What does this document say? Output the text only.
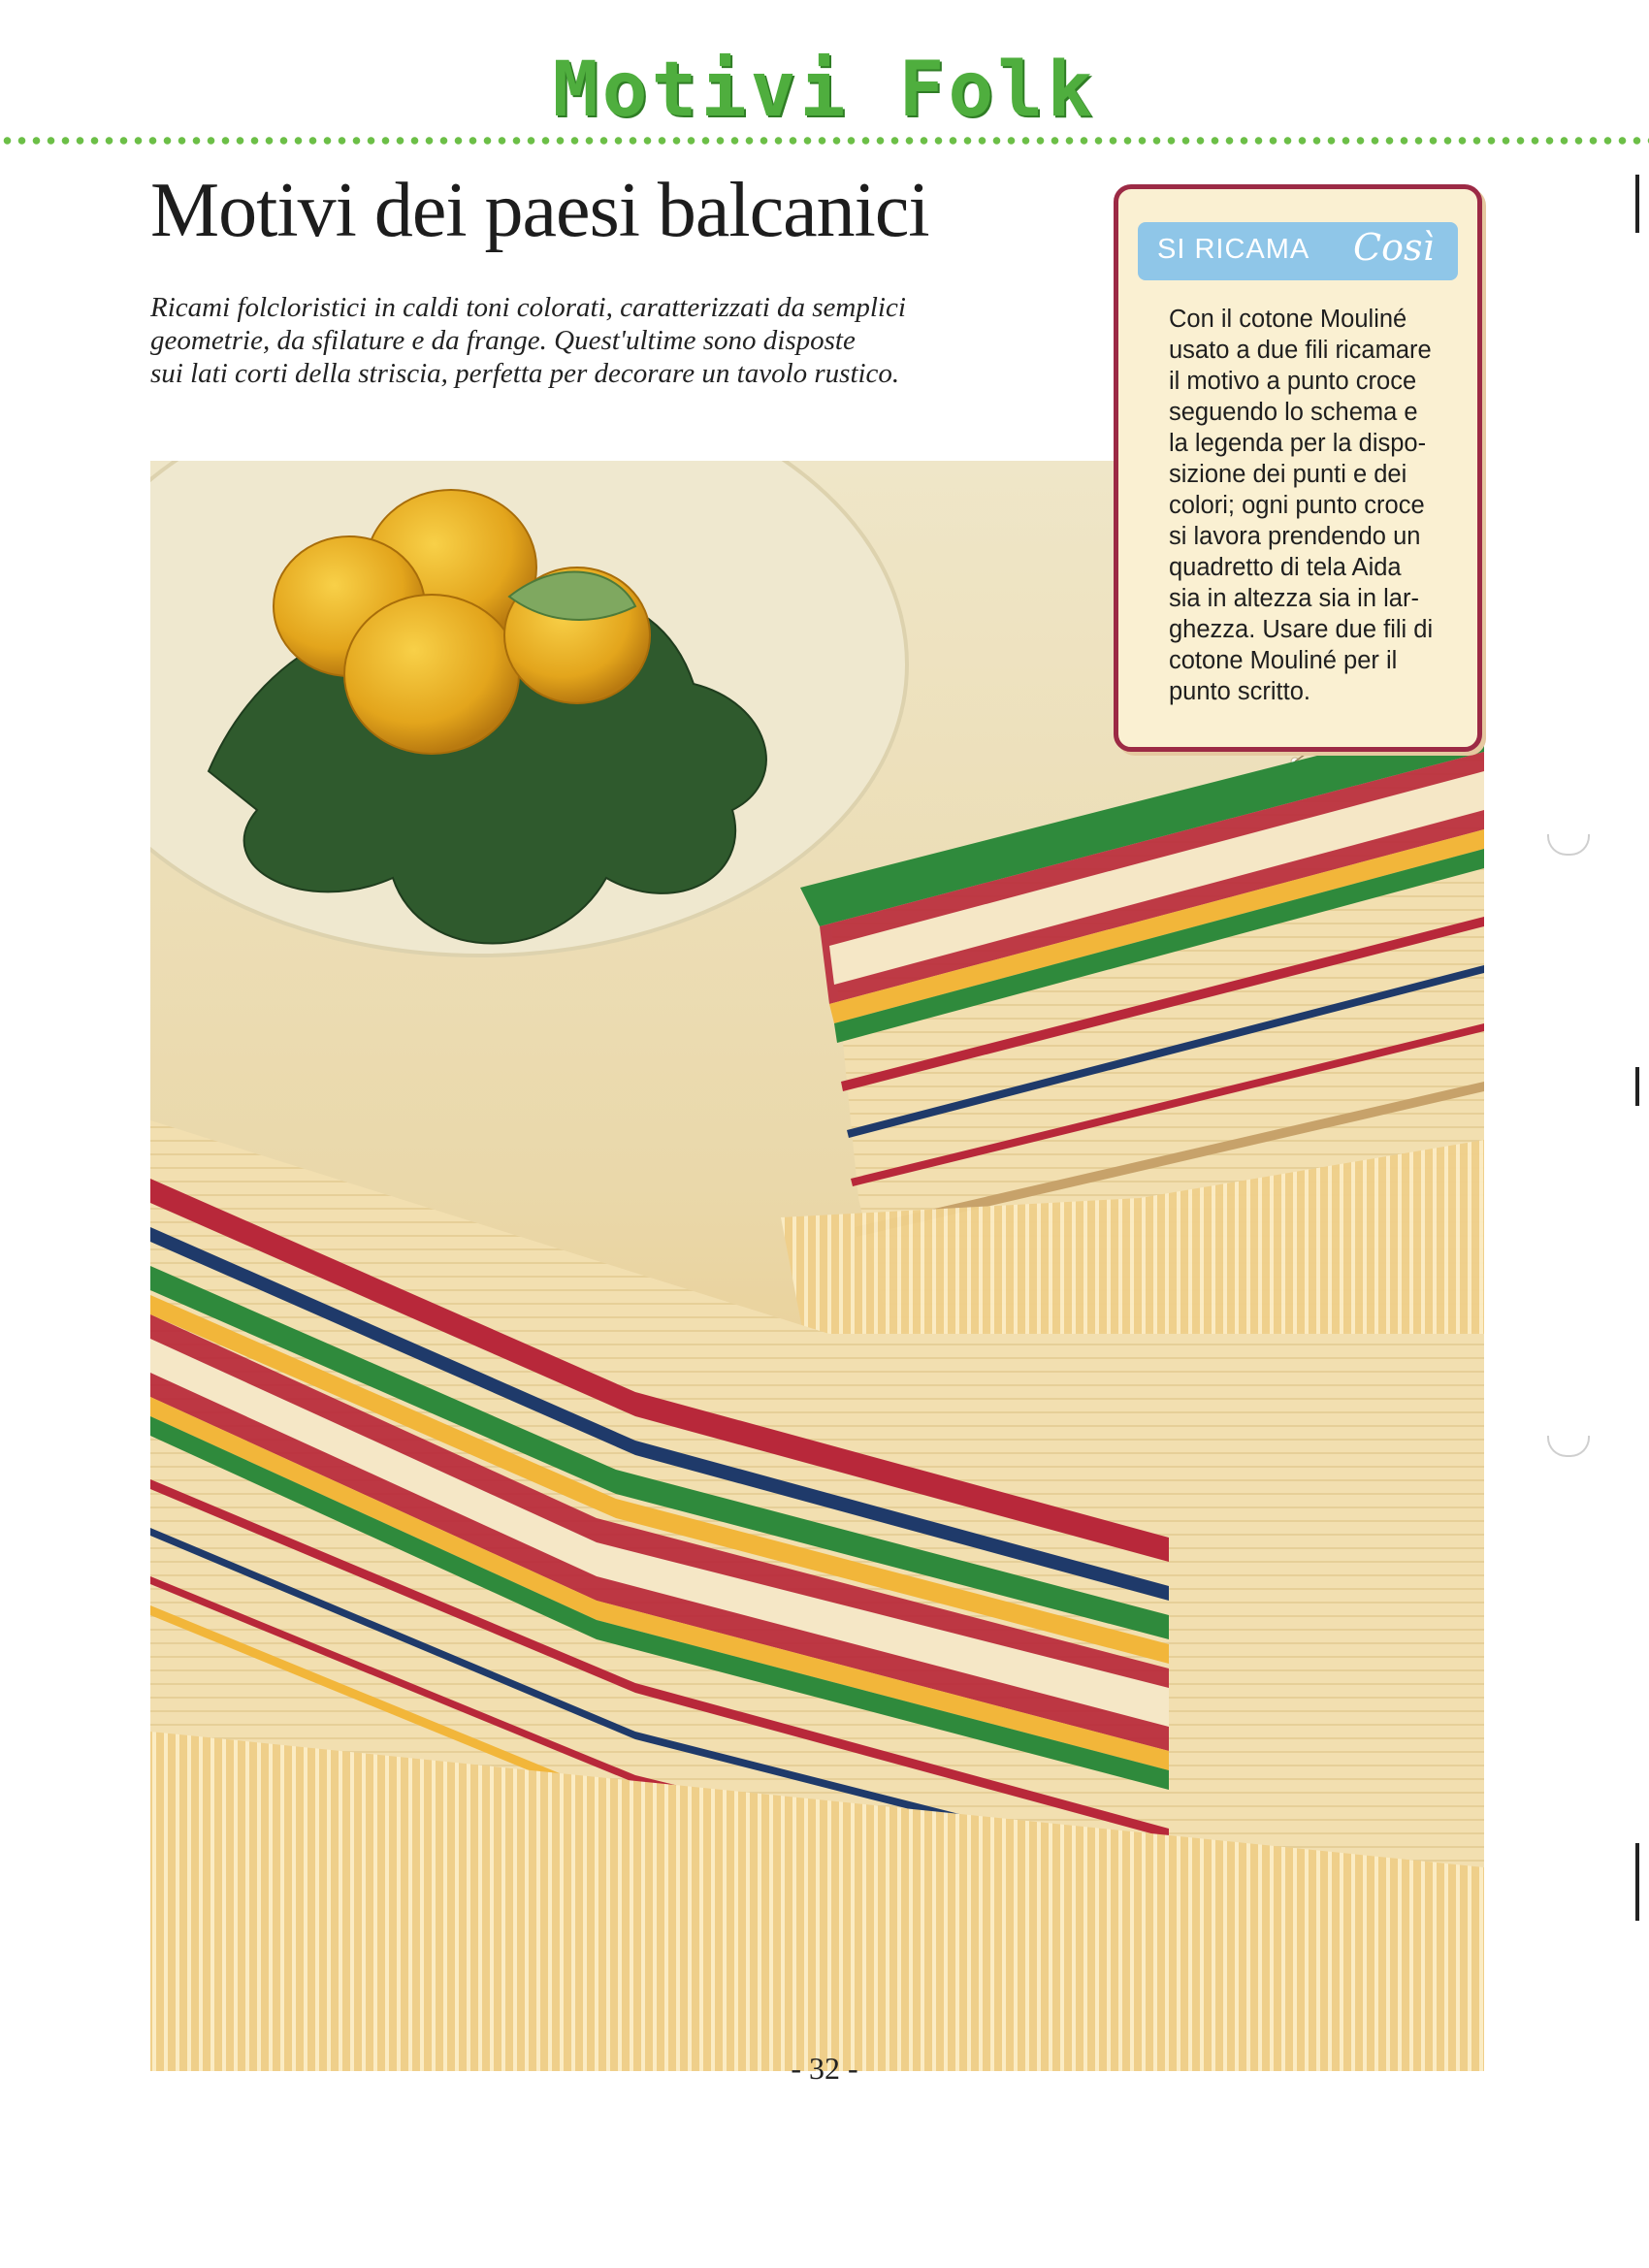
Motivi Folk
Motivi dei paesi balcanici
Ricami folcloristici in caldi toni colorati, caratterizzati da semplici
geometrie, da sfilature e da frange. Quest'ultime sono disposte
sui lati corti della striscia, perfetta per decorare un tavolo rustico.
SI RICAMA Così
Con il cotone Mouliné
usato a due fili ricamare
il motivo a punto croce
seguendo lo schema e
la legenda per la dispo-
sizione dei punti e dei
colori; ogni punto croce
si lavora prendendo un
quadretto di tela Aida
sia in altezza sia in lar-
ghezza. Usare due fili di
cotone Mouliné per il
punto scritto.
- 32 -
